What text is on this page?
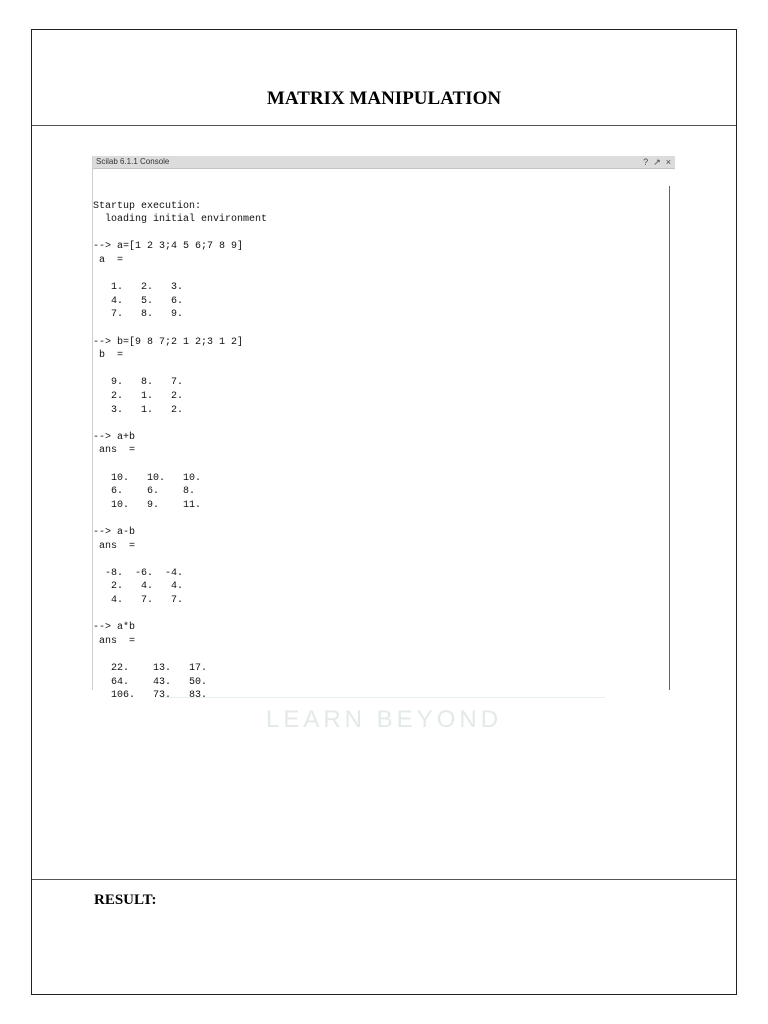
MATRIX MANIPULATION
Scilab 6.1.1 Console	? ↗ ×
Startup execution:
loading initial environment
--> a=[1 2 3;4 5 6;7 8 9]
a  =
1.   2.   3.
4.   5.   6.
7.   8.   9.
--> b=[9 8 7;2 1 2;3 1 2]
b  =
9.   8.   7.
2.   1.   2.
3.   1.   2.
--> a+b
ans  =
10.   10.   10.
6.    6.    8.
10.   9.    11.
--> a-b
ans  =
-8.  -6.  -4.
2.   4.   4.
4.   7.   7.
--> a*b
ans  =
22.    13.   17.
64.    43.   50.
106.   73.   83.
LEARN BEYOND
RESULT:
